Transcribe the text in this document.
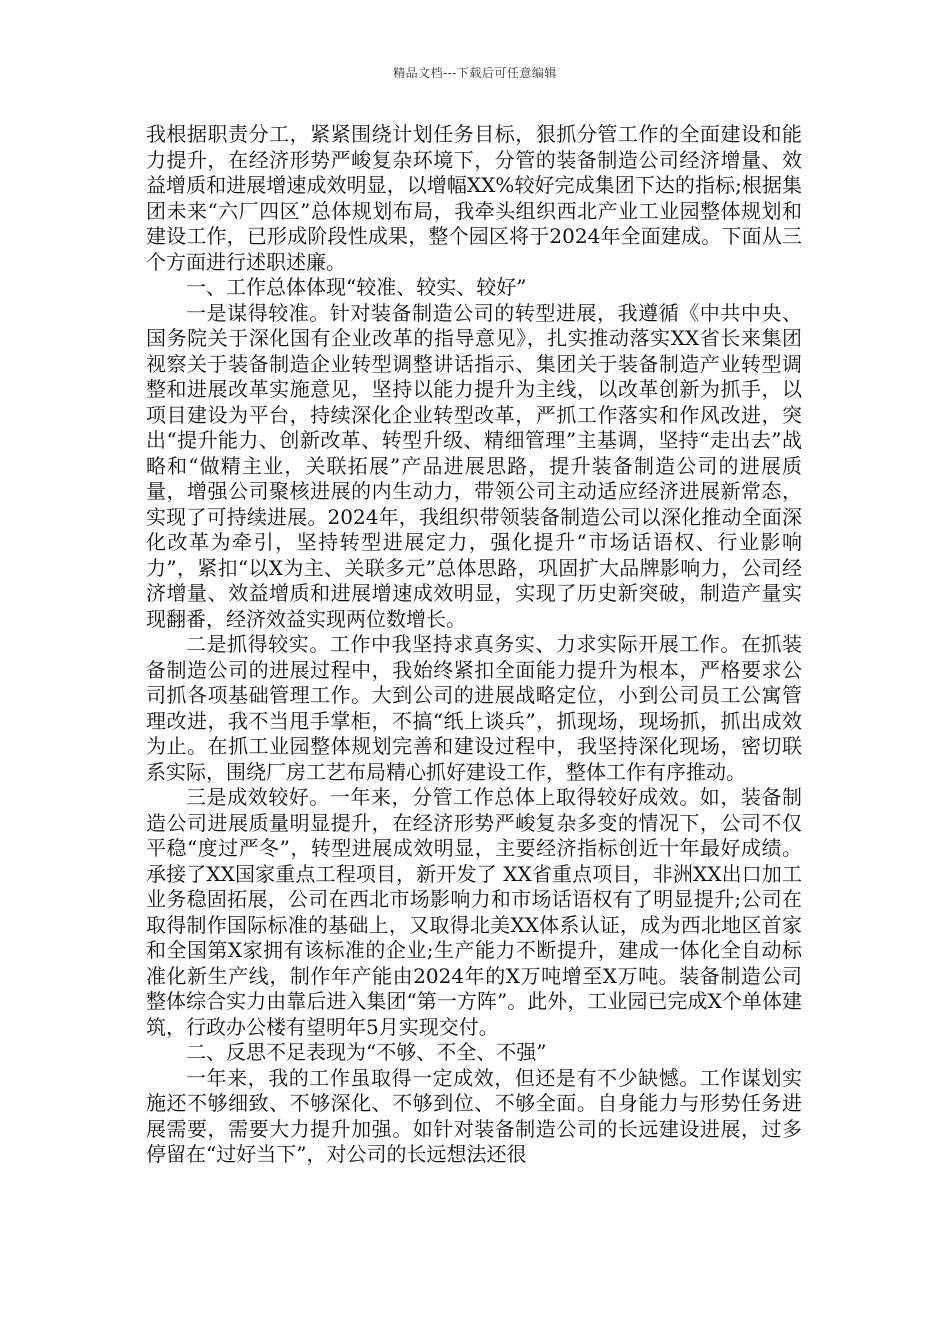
精品文档---下载后可任意编辑

我根据职责分工，紧紧围绕计划任务目标，狠抓分管工作的全面建设和能力提升，在经济形势严峻复杂环境下，分管的装备制造公司经济增量、效益增质和进展增速成效明显，以增幅XX%较好完成集团下达的指标;根据集团未来“六厂四区”总体规划布局，我牵头组织西北产业工业园整体规划和建设工作，已形成阶段性成果，整个园区将于2024年全面建成。下面从三个方面进行述职述廉。

一、工作总体体现“较准、较实、较好”

一是谋得较准。针对装备制造公司的转型进展，我遵循《中共中央、国务院关于深化国有企业改革的指导意见》，扎实推动落实XX省长来集团视察关于装备制造企业转型调整讲话指示、集团关于装备制造产业转型调整和进展改革实施意见，坚持以能力提升为主线，以改革创新为抓手，以项目建设为平台，持续深化企业转型改革，严抓工作落实和作风改进，突出“提升能力、创新改革、转型升级、精细管理”主基调，坚持“走出去”战略和“做精主业，关联拓展”产品进展思路，提升装备制造公司的进展质量，增强公司聚核进展的内生动力，带领公司主动适应经济进展新常态，实现了可持续进展。2024年，我组织带领装备制造公司以深化推动全面深化改革为牵引，坚持转型进展定力，强化提升“市场话语权、行业影响力”，紧扣“以X为主、关联多元”总体思路，巩固扩大品牌影响力，公司经济增量、效益增质和进展增速成效明显，实现了历史新突破，制造产量实现翻番，经济效益实现两位数增长。

二是抓得较实。工作中我坚持求真务实、力求实际开展工作。在抓装备制造公司的进展过程中，我始终紧扣全面能力提升为根本，严格要求公司抓各项基础管理工作。大到公司的进展战略定位，小到公司员工公寓管理改进，我不当甩手掌柜，不搞“纸上谈兵”，抓现场，现场抓，抓出成效为止。在抓工业园整体规划完善和建设过程中，我坚持深化现场，密切联系实际，围绕厂房工艺布局精心抓好建设工作，整体工作有序推动。

三是成效较好。一年来，分管工作总体上取得较好成效。如，装备制造公司进展质量明显提升，在经济形势严峻复杂多变的情况下，公司不仅平稳“度过严冬”，转型进展成效明显，主要经济指标创近十年最好成绩。承接了XX国家重点工程项目，新开发了 XX省重点项目，非洲XX出口加工业务稳固拓展，公司在西北市场影响力和市场话语权有了明显提升;公司在取得制作国际标准的基础上，又取得北美XX体系认证，成为西北地区首家和全国第X家拥有该标准的企业;生产能力不断提升，建成一体化全自动标准化新生产线，制作年产能由2024年的X万吨增至X万吨。装备制造公司整体综合实力由靠后进入集团“第一方阵”。此外，工业园已完成X个单体建筑，行政办公楼有望明年5月实现交付。

二、反思不足表现为“不够、不全、不强”

一年来，我的工作虽取得一定成效，但还是有不少缺憾。工作谋划实施还不够细致、不够深化、不够到位、不够全面。自身能力与形势任务进展需要，需要大力提升加强。如针对装备制造公司的长远建设进展，过多停留在“过好当下”，对公司的长远想法还很
